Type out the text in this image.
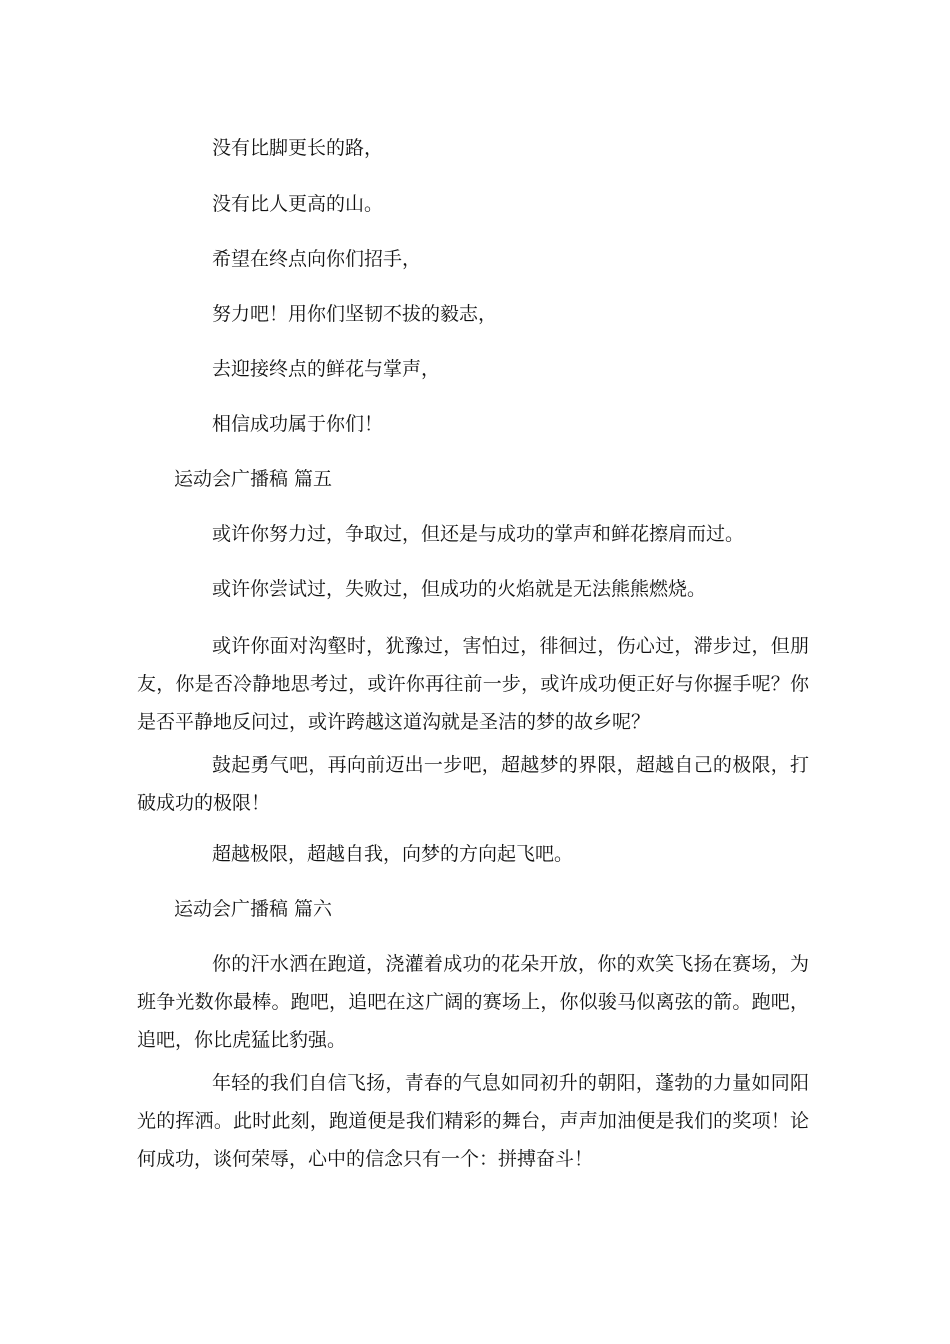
没有比脚更长的路，
没有比人更高的山。
希望在终点向你们招手，
努力吧！用你们坚韧不拔的毅志，
去迎接终点的鲜花与掌声，
相信成功属于你们！
运动会广播稿 篇五
或许你努力过，争取过，但还是与成功的掌声和鲜花擦肩而过。
或许你尝试过，失败过，但成功的火焰就是无法熊熊燃烧。
或许你面对沟壑时，犹豫过，害怕过，徘徊过，伤心过，滞步过，但朋友，你是否冷静地思考过，或许你再往前一步，或许成功便正好与你握手呢？你是否平静地反问过，或许跨越这道沟就是圣洁的梦的故乡呢？
鼓起勇气吧，再向前迈出一步吧，超越梦的界限，超越自己的极限，打破成功的极限！
超越极限，超越自我，向梦的方向起飞吧。
运动会广播稿 篇六
你的汗水洒在跑道，浇灌着成功的花朵开放，你的欢笑飞扬在赛场，为班争光数你最棒。跑吧，追吧在这广阔的赛场上，你似骏马似离弦的箭。跑吧，追吧，你比虎猛比豹强。
年轻的我们自信飞扬，青春的气息如同初升的朝阳，蓬勃的力量如同阳光的挥洒。此时此刻，跑道便是我们精彩的舞台，声声加油便是我们的奖项！论何成功，谈何荣辱，心中的信念只有一个：拼搏奋斗！
